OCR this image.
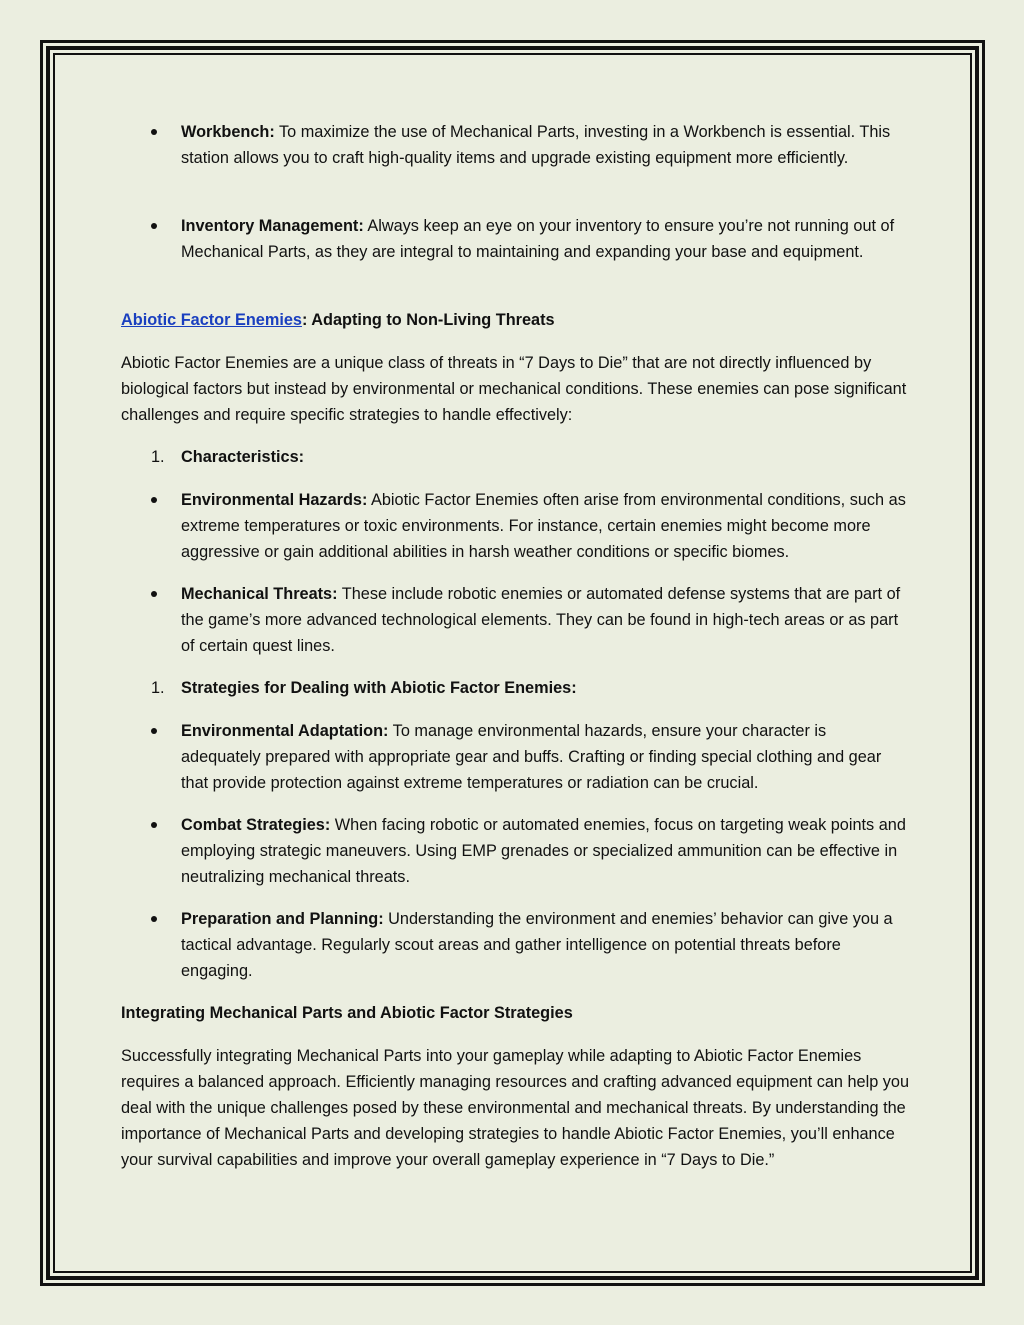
Workbench: To maximize the use of Mechanical Parts, investing in a Workbench is essential. This station allows you to craft high-quality items and upgrade existing equipment more efficiently.

Inventory Management: Always keep an eye on your inventory to ensure you’re not running out of Mechanical Parts, as they are integral to maintaining and expanding your base and equipment.

Abiotic Factor Enemies: Adapting to Non-Living Threats

Abiotic Factor Enemies are a unique class of threats in “7 Days to Die” that are not directly influenced by biological factors but instead by environmental or mechanical conditions. These enemies can pose significant challenges and require specific strategies to handle effectively:

1. Characteristics:

Environmental Hazards: Abiotic Factor Enemies often arise from environmental conditions, such as extreme temperatures or toxic environments. For instance, certain enemies might become more aggressive or gain additional abilities in harsh weather conditions or specific biomes.

Mechanical Threats: These include robotic enemies or automated defense systems that are part of the game’s more advanced technological elements. They can be found in high-tech areas or as part of certain quest lines.

1. Strategies for Dealing with Abiotic Factor Enemies:

Environmental Adaptation: To manage environmental hazards, ensure your character is adequately prepared with appropriate gear and buffs. Crafting or finding special clothing and gear that provide protection against extreme temperatures or radiation can be crucial.

Combat Strategies: When facing robotic or automated enemies, focus on targeting weak points and employing strategic maneuvers. Using EMP grenades or specialized ammunition can be effective in neutralizing mechanical threats.

Preparation and Planning: Understanding the environment and enemies’ behavior can give you a tactical advantage. Regularly scout areas and gather intelligence on potential threats before engaging.

Integrating Mechanical Parts and Abiotic Factor Strategies

Successfully integrating Mechanical Parts into your gameplay while adapting to Abiotic Factor Enemies requires a balanced approach. Efficiently managing resources and crafting advanced equipment can help you deal with the unique challenges posed by these environmental and mechanical threats. By understanding the importance of Mechanical Parts and developing strategies to handle Abiotic Factor Enemies, you’ll enhance your survival capabilities and improve your overall gameplay experience in “7 Days to Die.”
